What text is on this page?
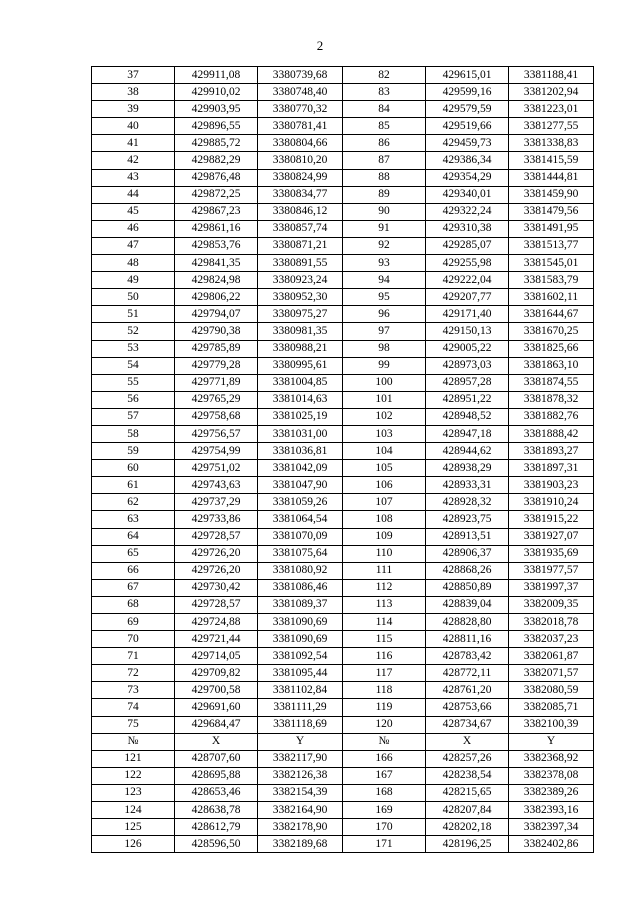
2
37	429911,08	3380739,68	82	429615,01	3381188,41
38	429910,02	3380748,40	83	429599,16	3381202,94
39	429903,95	3380770,32	84	429579,59	3381223,01
40	429896,55	3380781,41	85	429519,66	3381277,55
41	429885,72	3380804,66	86	429459,73	3381338,83
42	429882,29	3380810,20	87	429386,34	3381415,59
43	429876,48	3380824,99	88	429354,29	3381444,81
44	429872,25	3380834,77	89	429340,01	3381459,90
45	429867,23	3380846,12	90	429322,24	3381479,56
46	429861,16	3380857,74	91	429310,38	3381491,95
47	429853,76	3380871,21	92	429285,07	3381513,77
48	429841,35	3380891,55	93	429255,98	3381545,01
49	429824,98	3380923,24	94	429222,04	3381583,79
50	429806,22	3380952,30	95	429207,77	3381602,11
51	429794,07	3380975,27	96	429171,40	3381644,67
52	429790,38	3380981,35	97	429150,13	3381670,25
53	429785,89	3380988,21	98	429005,22	3381825,66
54	429779,28	3380995,61	99	428973,03	3381863,10
55	429771,89	3381004,85	100	428957,28	3381874,55
56	429765,29	3381014,63	101	428951,22	3381878,32
57	429758,68	3381025,19	102	428948,52	3381882,76
58	429756,57	3381031,00	103	428947,18	3381888,42
59	429754,99	3381036,81	104	428944,62	3381893,27
60	429751,02	3381042,09	105	428938,29	3381897,31
61	429743,63	3381047,90	106	428933,31	3381903,23
62	429737,29	3381059,26	107	428928,32	3381910,24
63	429733,86	3381064,54	108	428923,75	3381915,22
64	429728,57	3381070,09	109	428913,51	3381927,07
65	429726,20	3381075,64	110	428906,37	3381935,69
66	429726,20	3381080,92	111	428868,26	3381977,57
67	429730,42	3381086,46	112	428850,89	3381997,37
68	429728,57	3381089,37	113	428839,04	3382009,35
69	429724,88	3381090,69	114	428828,80	3382018,78
70	429721,44	3381090,69	115	428811,16	3382037,23
71	429714,05	3381092,54	116	428783,42	3382061,87
72	429709,82	3381095,44	117	428772,11	3382071,57
73	429700,58	3381102,84	118	428761,20	3382080,59
74	429691,60	3381111,29	119	428753,66	3382085,71
75	429684,47	3381118,69	120	428734,67	3382100,39
№	X	Y	№	X	Y
121	428707,60	3382117,90	166	428257,26	3382368,92
122	428695,88	3382126,38	167	428238,54	3382378,08
123	428653,46	3382154,39	168	428215,65	3382389,26
124	428638,78	3382164,90	169	428207,84	3382393,16
125	428612,79	3382178,90	170	428202,18	3382397,34
126	428596,50	3382189,68	171	428196,25	3382402,86
